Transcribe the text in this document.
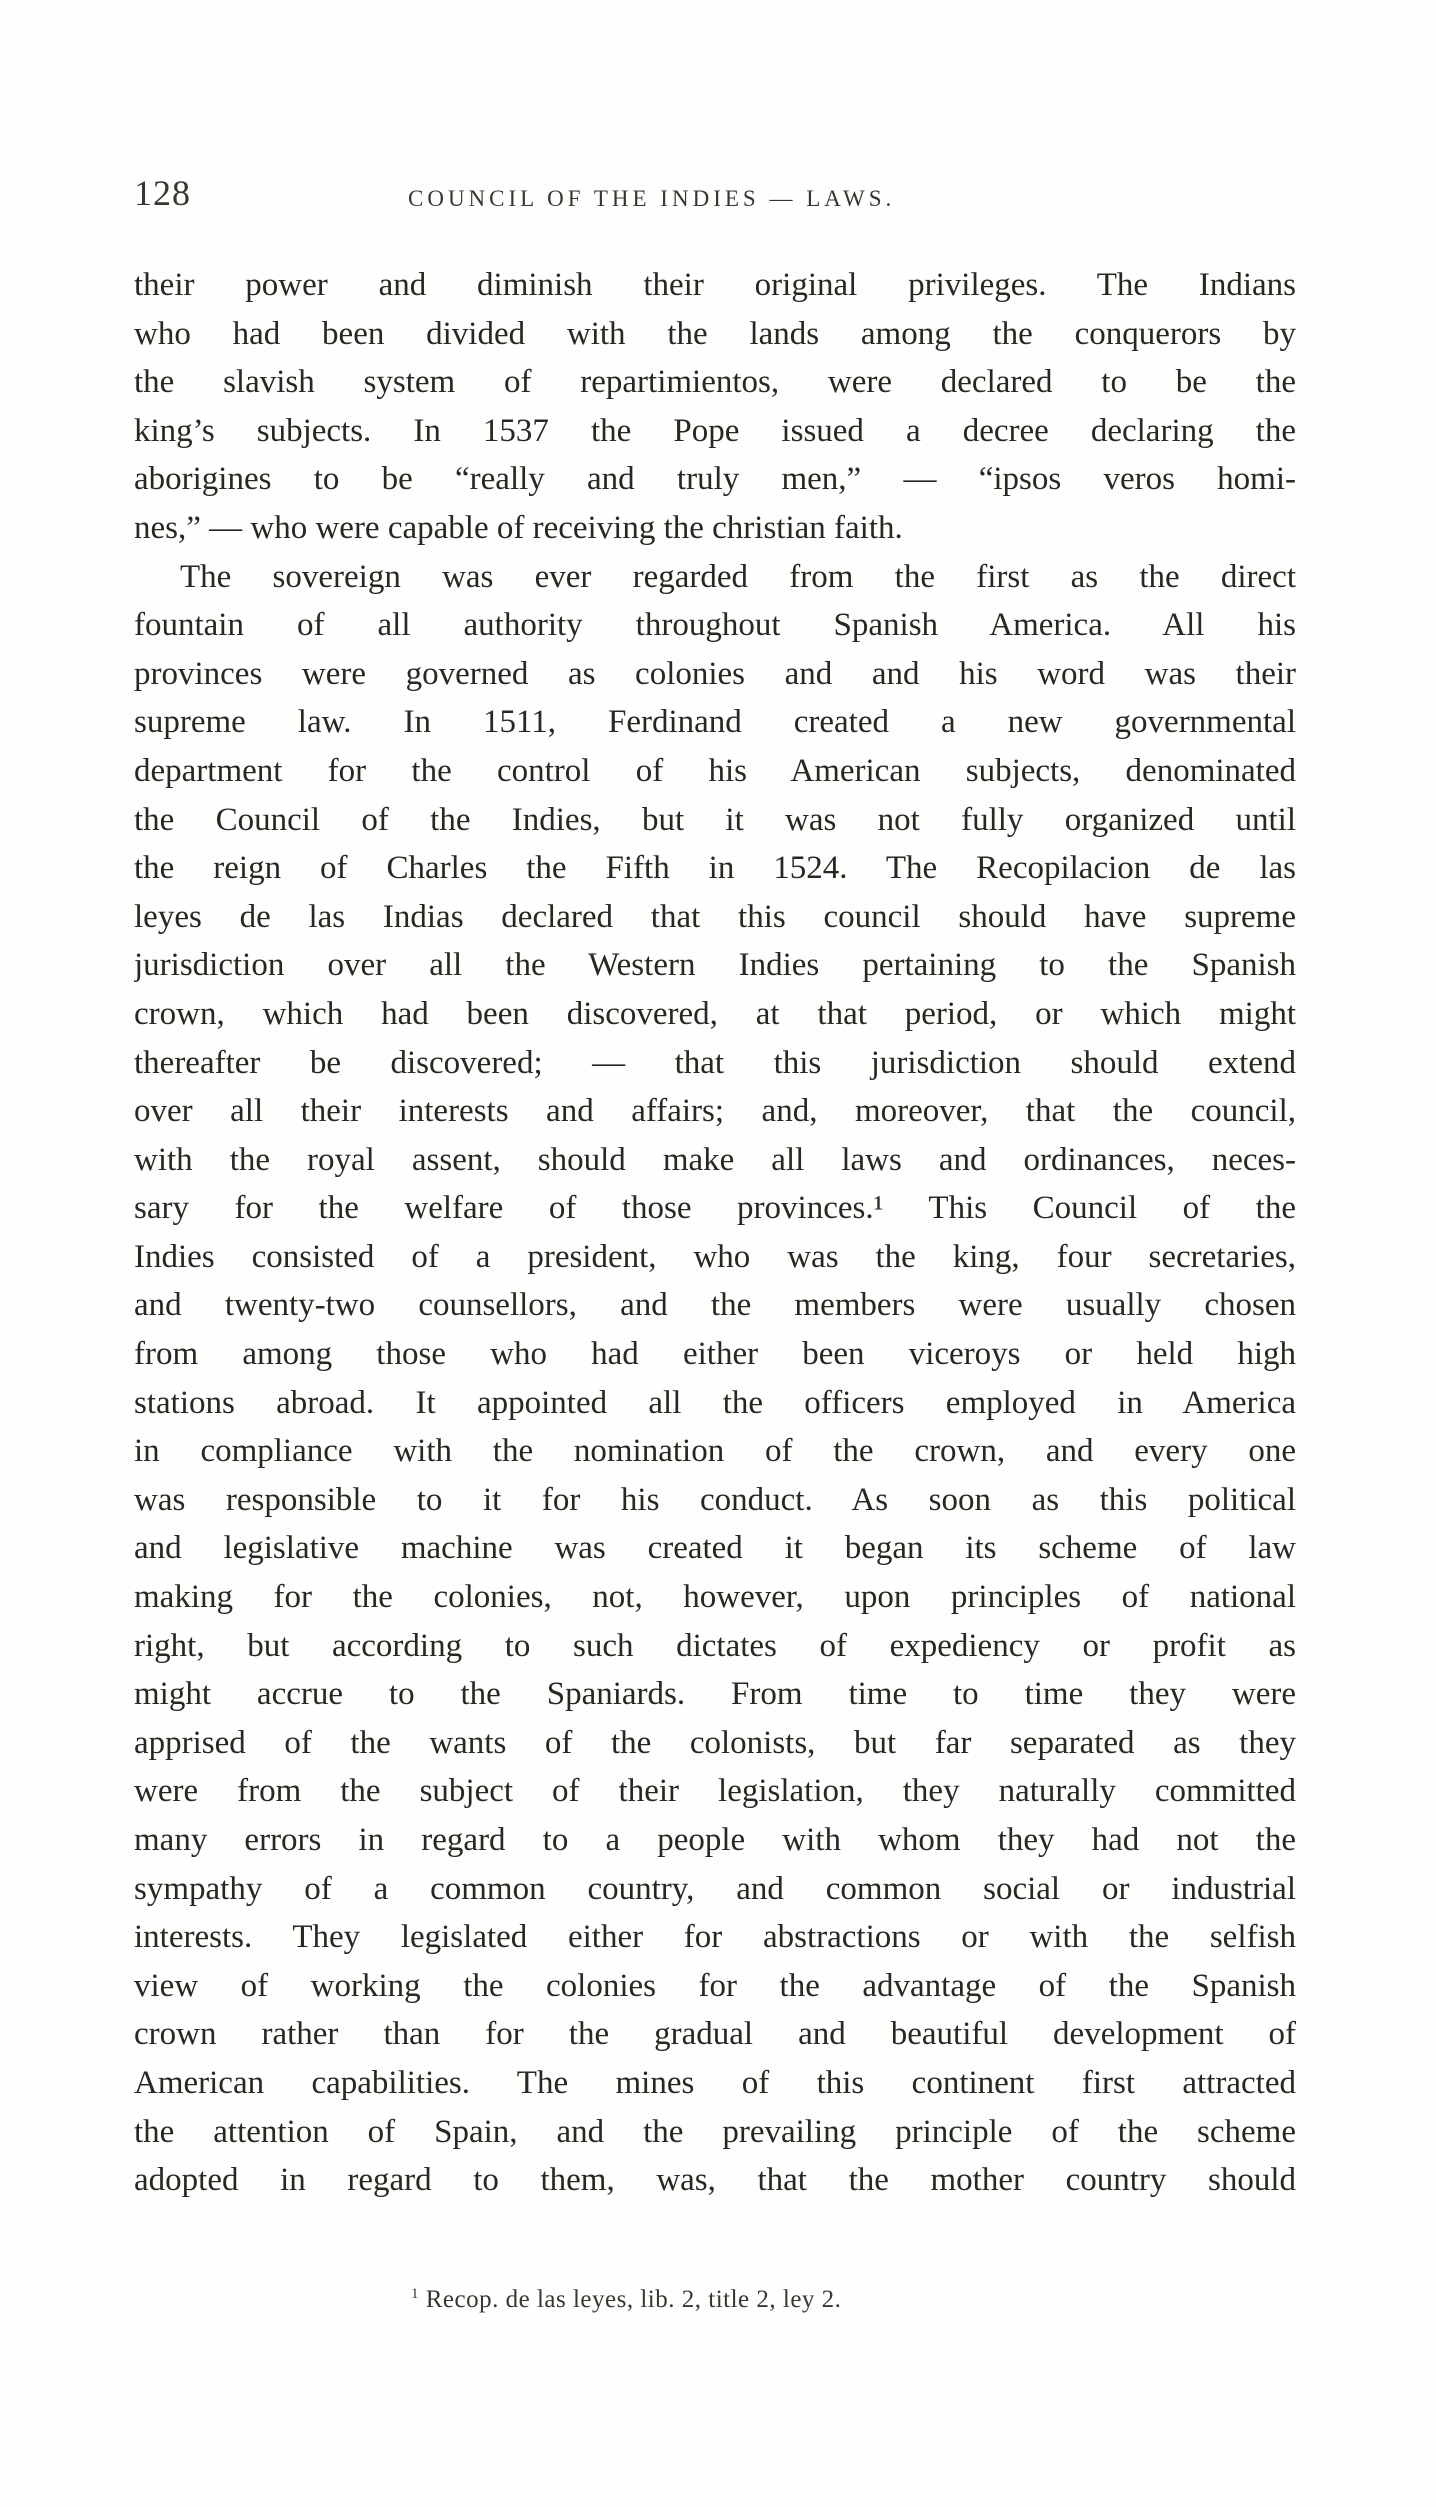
128	COUNCIL OF THE INDIES — LAWS.
their power and diminish their original privileges. The Indians
who had been divided with the lands among the conquerors by
the slavish system of repartimientos, were declared to be the
king’s subjects. In 1537 the Pope issued a decree declaring the
aborigines to be “really and truly men,” — “ipsos veros homi-
nes,” — who were capable of receiving the christian faith.
The sovereign was ever regarded from the first as the direct
fountain of all authority throughout Spanish America. All his
provinces were governed as colonies and and his word was their
supreme law. In 1511, Ferdinand created a new governmental
department for the control of his American subjects, denominated
the Council of the Indies, but it was not fully organized until
the reign of Charles the Fifth in 1524. The Recopilacion de las
leyes de las Indias declared that this council should have supreme
jurisdiction over all the Western Indies pertaining to the Spanish
crown, which had been discovered, at that period, or which might
thereafter be discovered; — that this jurisdiction should extend
over all their interests and affairs; and, moreover, that the council,
with the royal assent, should make all laws and ordinances, neces-
sary for the welfare of those provinces.¹ This Council of the
Indies consisted of a president, who was the king, four secretaries,
and twenty-two counsellors, and the members were usually chosen
from among those who had either been viceroys or held high
stations abroad. It appointed all the officers employed in America
in compliance with the nomination of the crown, and every one
was responsible to it for his conduct. As soon as this political
and legislative machine was created it began its scheme of law
making for the colonies, not, however, upon principles of national
right, but according to such dictates of expediency or profit as
might accrue to the Spaniards. From time to time they were
apprised of the wants of the colonists, but far separated as they
were from the subject of their legislation, they naturally committed
many errors in regard to a people with whom they had not the
sympathy of a common country, and common social or industrial
interests. They legislated either for abstractions or with the selfish
view of working the colonies for the advantage of the Spanish
crown rather than for the gradual and beautiful development of
American capabilities. The mines of this continent first attracted
the attention of Spain, and the prevailing principle of the scheme
adopted in regard to them, was, that the mother country should
$^1$ Recop. de las leyes, lib. 2, title 2, ley 2.
